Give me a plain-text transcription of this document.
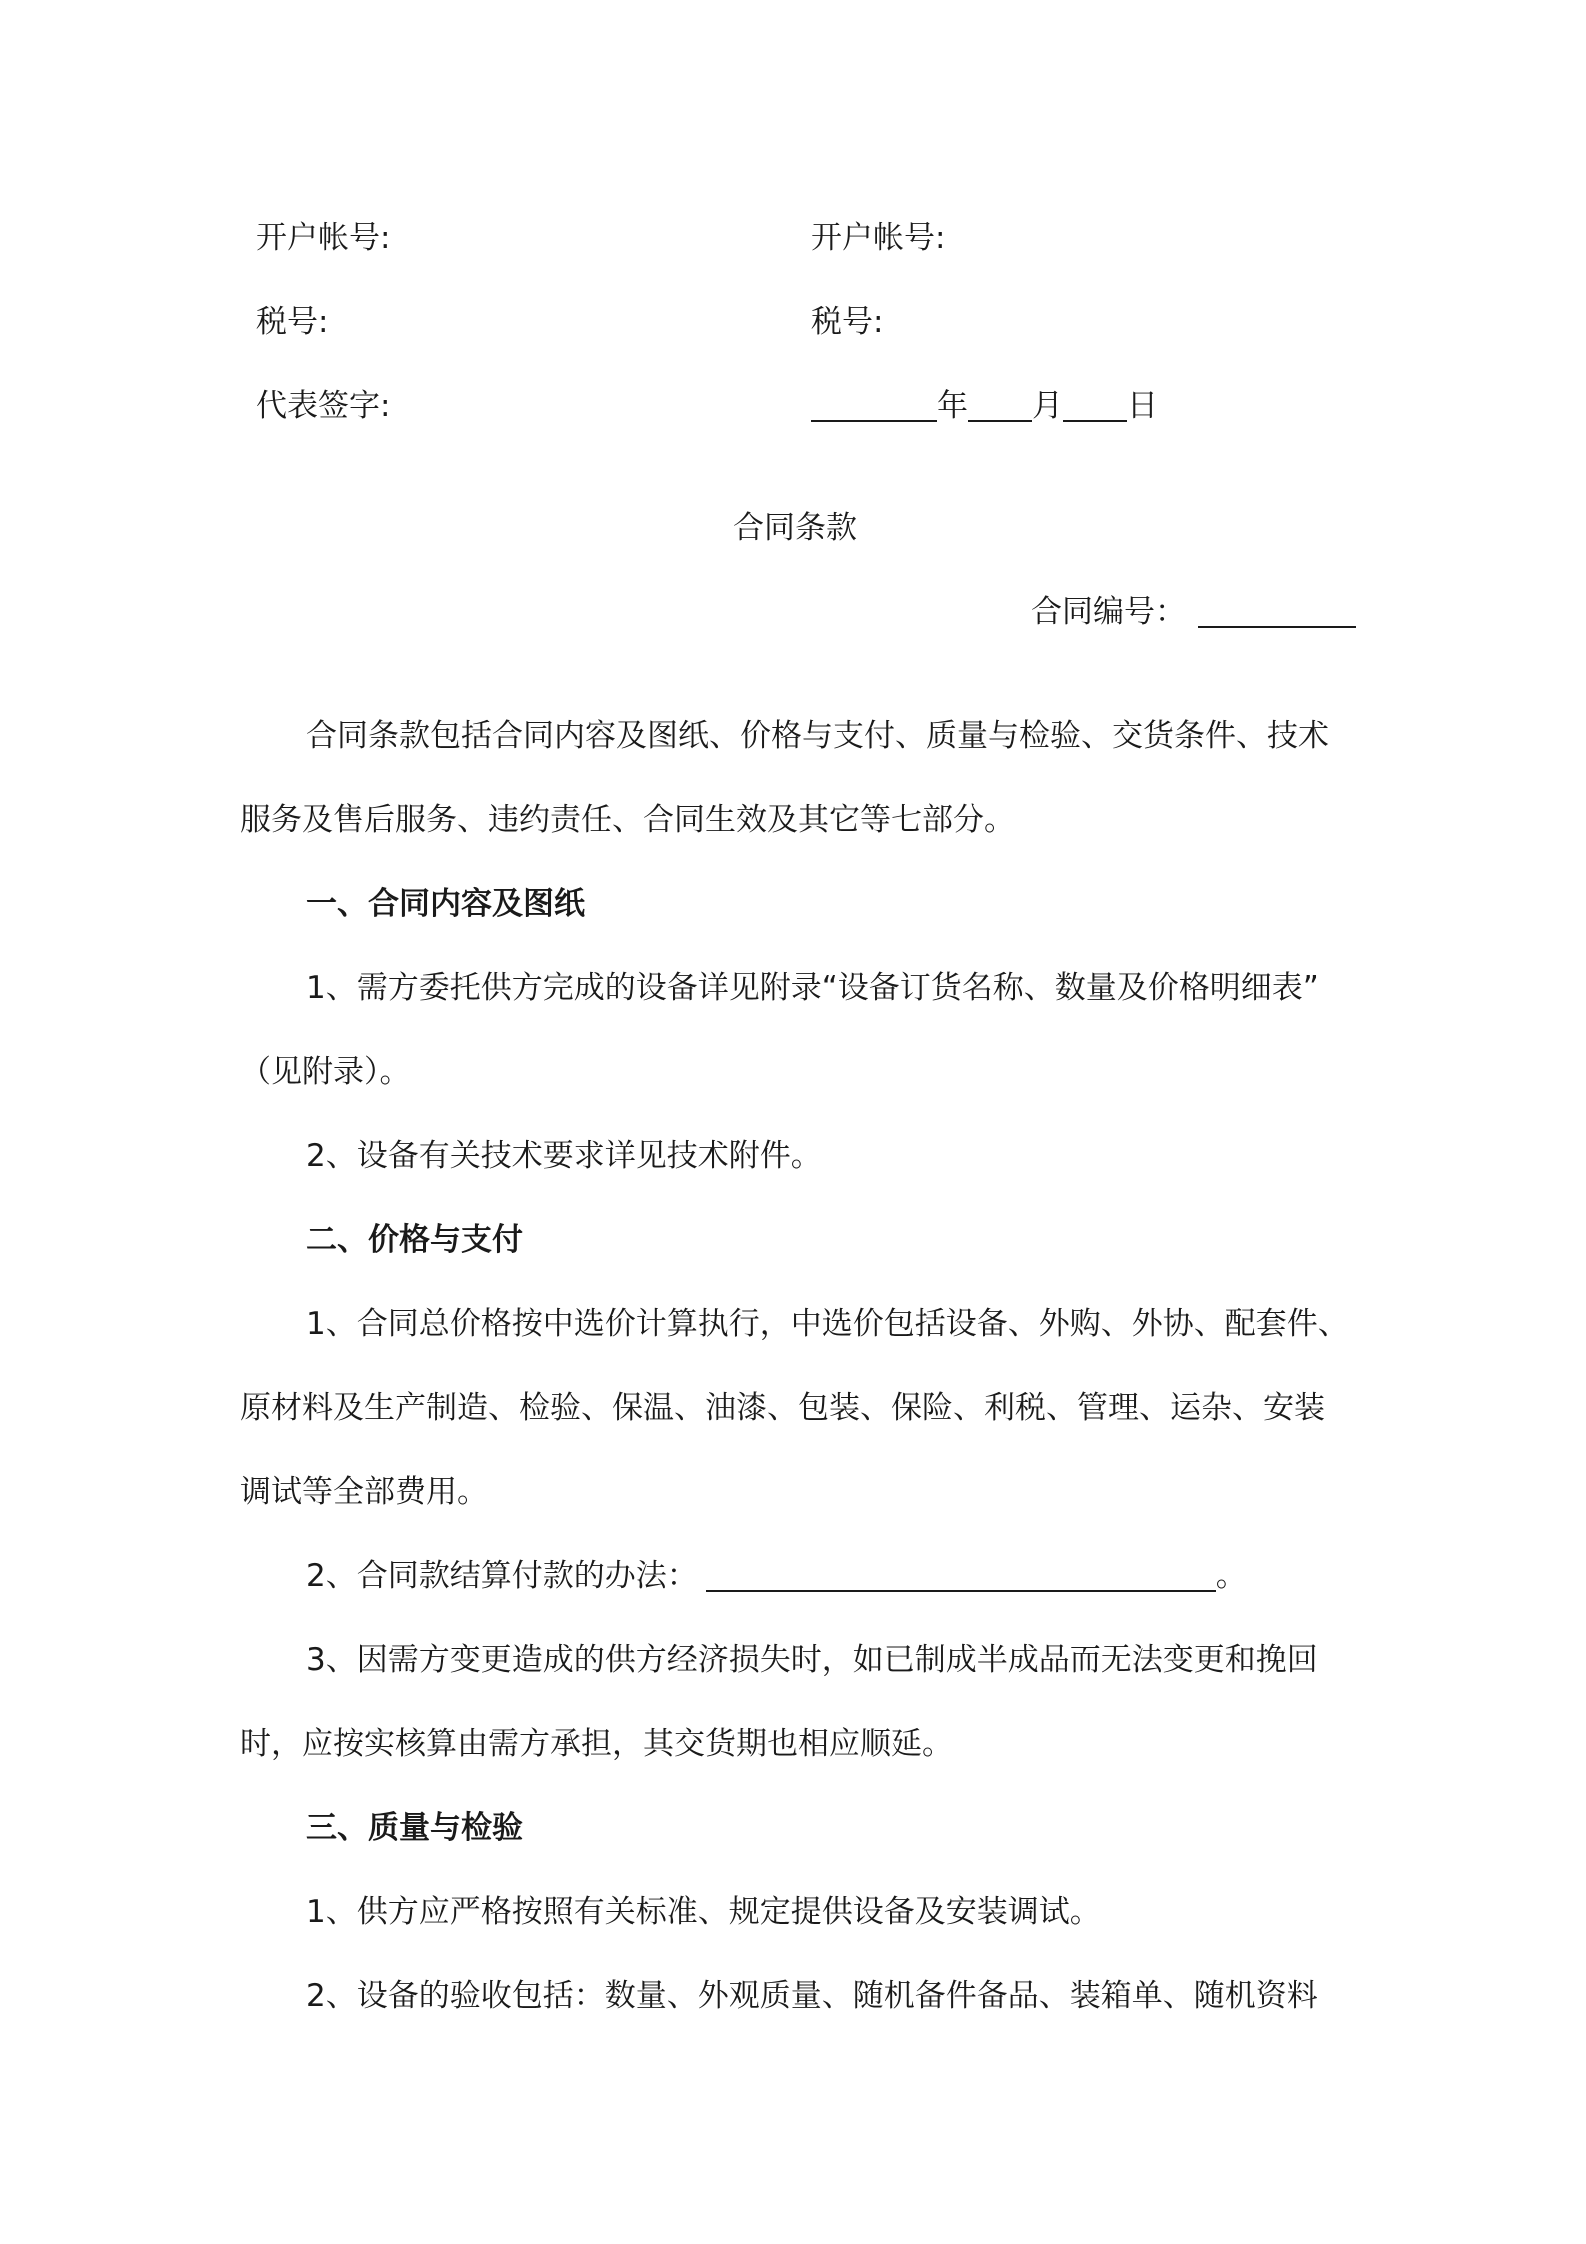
开户帐号:	开户帐号:
税号:	税号:
代表签字:	年 月 日
合同条款
合同编号：
合同条款包括合同内容及图纸、价格与支付、质量与检验、交货条件、技术
服务及售后服务、违约责任、合同生效及其它等七部分。
一、合同内容及图纸
1、需方委托供方完成的设备详见附录“设备订货名称、数量及价格明细表”
（见附录）。
2、设备有关技术要求详见技术附件。
二、价格与支付
1、合同总价格按中选价计算执行，中选价包括设备、外购、外协、配套件、
原材料及生产制造、检验、保温、油漆、包装、保险、利税、管理、运杂、安装
调试等全部费用。
2、合同款结算付款的办法：	。
3、因需方变更造成的供方经济损失时，如已制成半成品而无法变更和挽回
时，应按实核算由需方承担，其交货期也相应顺延。
三、质量与检验
1、供方应严格按照有关标准、规定提供设备及安装调试。
2、设备的验收包括：数量、外观质量、随机备件备品、装箱单、随机资料
